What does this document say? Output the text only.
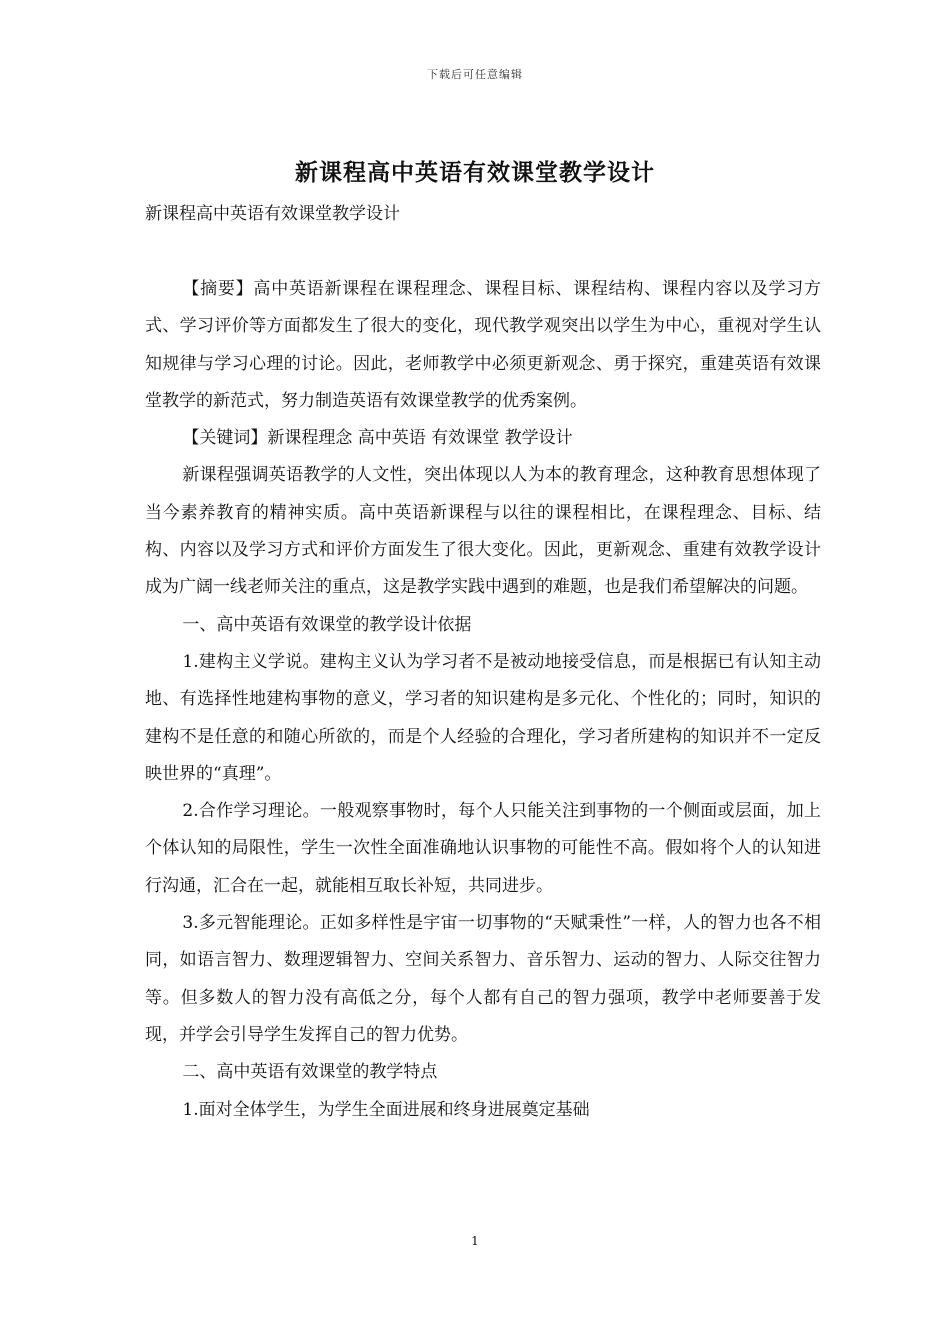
下载后可任意编辑
新课程高中英语有效课堂教学设计
新课程高中英语有效课堂教学设计

【摘要】高中英语新课程在课程理念、课程目标、课程结构、课程内容以及学习方式、学习评价等方面都发生了很大的变化，现代教学观突出以学生为中心，重视对学生认知规律与学习心理的讨论。因此，老师教学中必须更新观念、勇于探究，重建英语有效课堂教学的新范式，努力制造英语有效课堂教学的优秀案例。

【关键词】新课程理念 高中英语 有效课堂 教学设计

新课程强调英语教学的人文性，突出体现以人为本的教育理念，这种教育思想体现了当今素养教育的精神实质。高中英语新课程与以往的课程相比，在课程理念、目标、结构、内容以及学习方式和评价方面发生了很大变化。因此，更新观念、重建有效教学设计成为广阔一线老师关注的重点，这是教学实践中遇到的难题，也是我们希望解决的问题。

一、高中英语有效课堂的教学设计依据

1.建构主义学说。建构主义认为学习者不是被动地接受信息，而是根据已有认知主动地、有选择性地建构事物的意义，学习者的知识建构是多元化、个性化的；同时，知识的建构不是任意的和随心所欲的，而是个人经验的合理化，学习者所建构的知识并不一定反映世界的“真理”。

2.合作学习理论。一般观察事物时，每个人只能关注到事物的一个侧面或层面，加上个体认知的局限性，学生一次性全面准确地认识事物的可能性不高。假如将个人的认知进行沟通，汇合在一起，就能相互取长补短，共同进步。

3.多元智能理论。正如多样性是宇宙一切事物的“天赋秉性”一样，人的智力也各不相同，如语言智力、数理逻辑智力、空间关系智力、音乐智力、运动的智力、人际交往智力等。但多数人的智力没有高低之分，每个人都有自己的智力强项，教学中老师要善于发现，并学会引导学生发挥自己的智力优势。

二、高中英语有效课堂的教学特点

1.面对全体学生，为学生全面进展和终身进展奠定基础

1
